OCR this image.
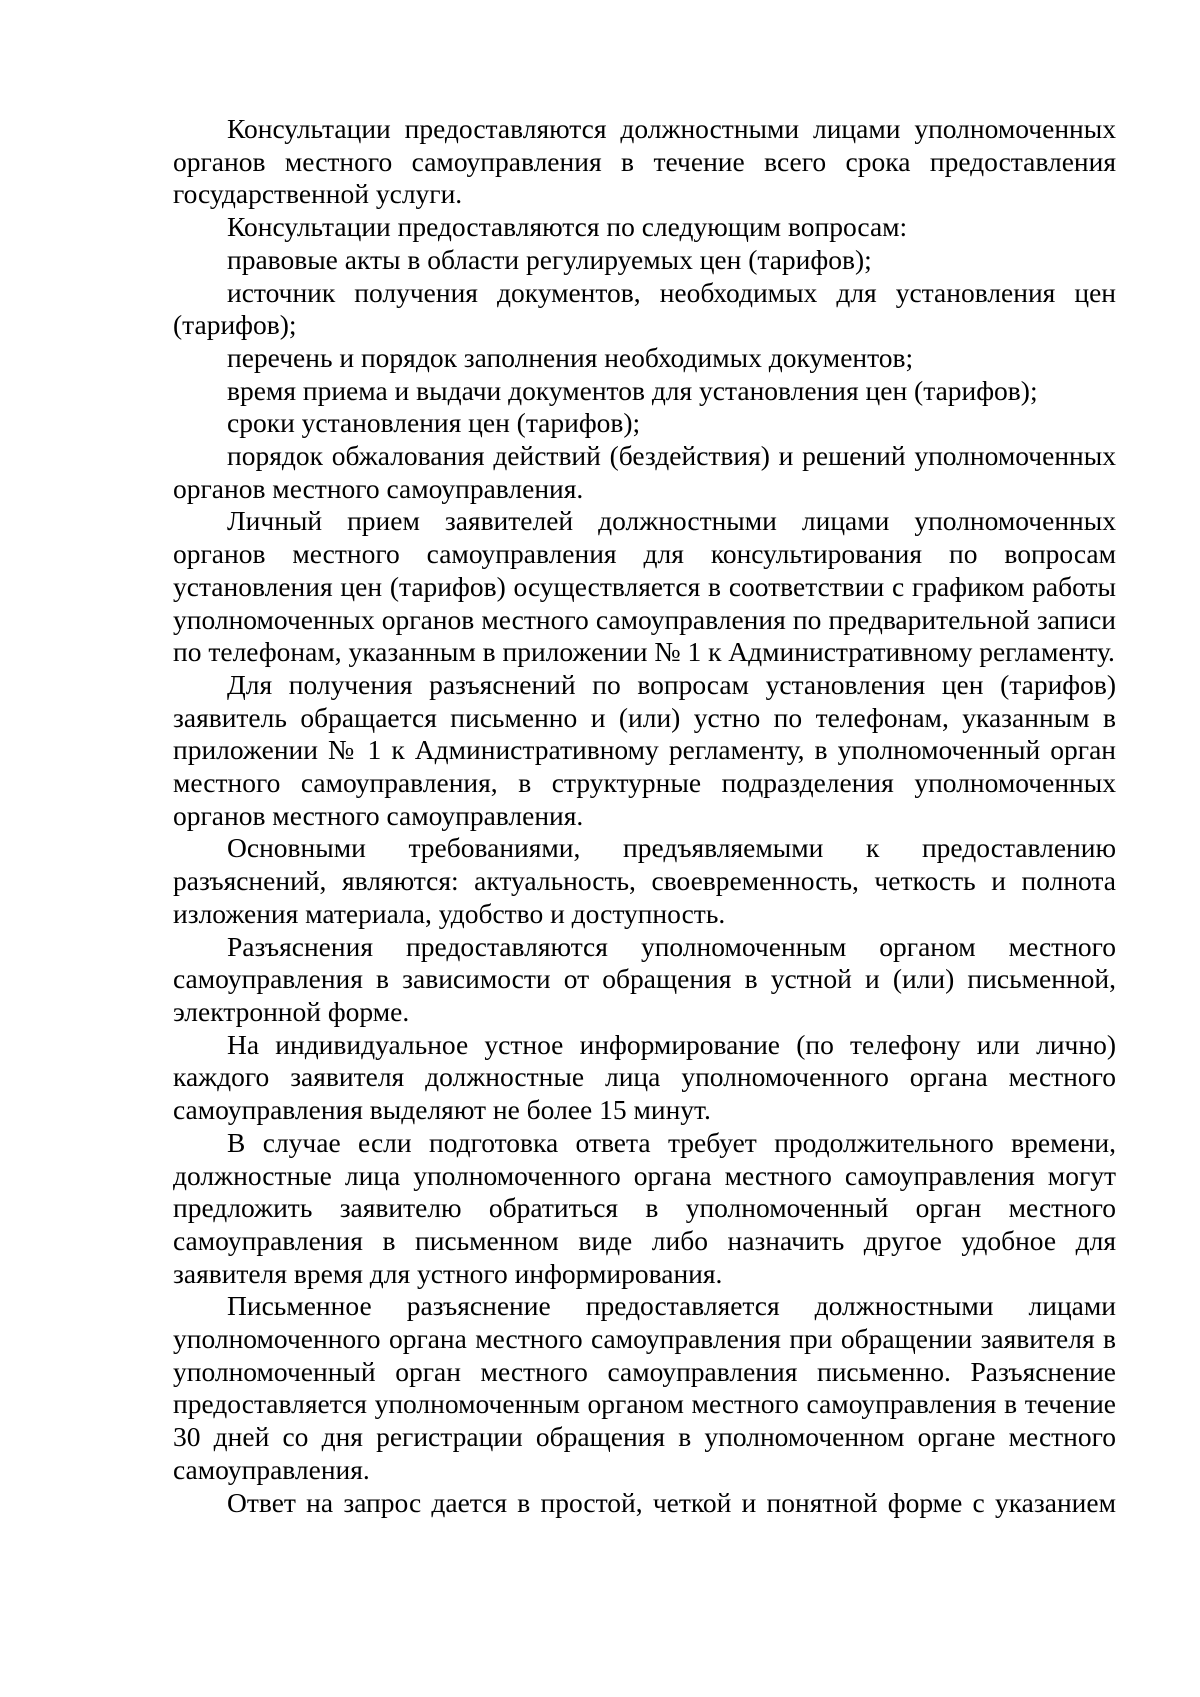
Консультации предоставляются должностными лицами уполномоченных органов местного самоуправления в течение всего срока предоставления государственной услуги.

Консультации предоставляются по следующим вопросам:

правовые акты в области регулируемых цен (тарифов);

источник получения документов, необходимых для установления цен (тарифов);

перечень и порядок заполнения необходимых документов;

время приема и выдачи документов для установления цен (тарифов);

сроки установления цен (тарифов);

порядок обжалования действий (бездействия) и решений уполномоченных органов местного самоуправления.

Личный прием заявителей должностными лицами уполномоченных органов местного самоуправления для консультирования по вопросам установления цен (тарифов) осуществляется в соответствии с графиком работы уполномоченных органов местного самоуправления по предварительной записи по телефонам, указанным в приложении № 1 к Административному регламенту.

Для получения разъяснений по вопросам установления цен (тарифов) заявитель обращается письменно и (или) устно по телефонам, указанным в приложении № 1 к Административному регламенту, в уполномоченный орган местного самоуправления, в структурные подразделения уполномоченных органов местного самоуправления.

Основными требованиями, предъявляемыми к предоставлению разъяснений, являются: актуальность, своевременность, четкость и полнота изложения материала, удобство и доступность.

Разъяснения предоставляются уполномоченным органом местного самоуправления в зависимости от обращения в устной и (или) письменной, электронной форме.

На индивидуальное устное информирование (по телефону или лично) каждого заявителя должностные лица уполномоченного органа местного самоуправления выделяют не более 15 минут.

В случае если подготовка ответа требует продолжительного времени, должностные лица уполномоченного органа местного самоуправления могут предложить заявителю обратиться в уполномоченный орган местного самоуправления в письменном виде либо назначить другое удобное для заявителя время для устного информирования.

Письменное разъяснение предоставляется должностными лицами уполномоченного органа местного самоуправления при обращении заявителя в уполномоченный орган местного самоуправления письменно. Разъяснение предоставляется уполномоченным органом местного самоуправления в течение 30 дней со дня регистрации обращения в уполномоченном органе местного самоуправления.

Ответ на запрос дается в простой, четкой и понятной форме с указанием
